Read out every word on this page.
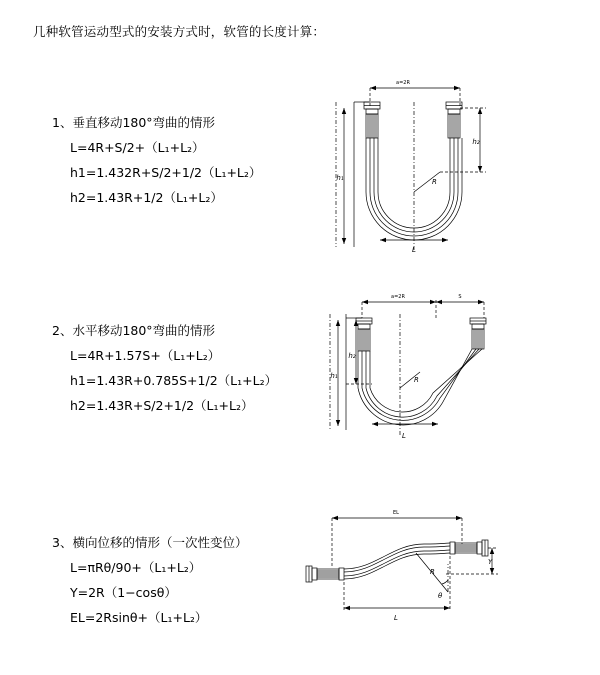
几种软管运动型式的安装方式时，软管的长度计算：
1、垂直移动180°弯曲的情形
L=4R+S/2+（L₁+L₂）
h1=1.432R+S/2+1/2（L₁+L₂）
h2=1.43R+1/2（L₁+L₂）
a=2R
h₁
h₂
R
L
2、水平移动180°弯曲的情形
L=4R+1.57S+（L₁+L₂）
h1=1.43R+0.785S+1/2（L₁+L₂）
h2=1.43R+S/2+1/2（L₁+L₂）
a=2R	S
h₁
h₂
R
L
3、横向位移的情形（一次性变位）
L=πRθ/90+（L₁+L₂）
Y=2R（1−cosθ）
EL=2Rsinθ+（L₁+L₂）
EL
Y
R
θ
L
